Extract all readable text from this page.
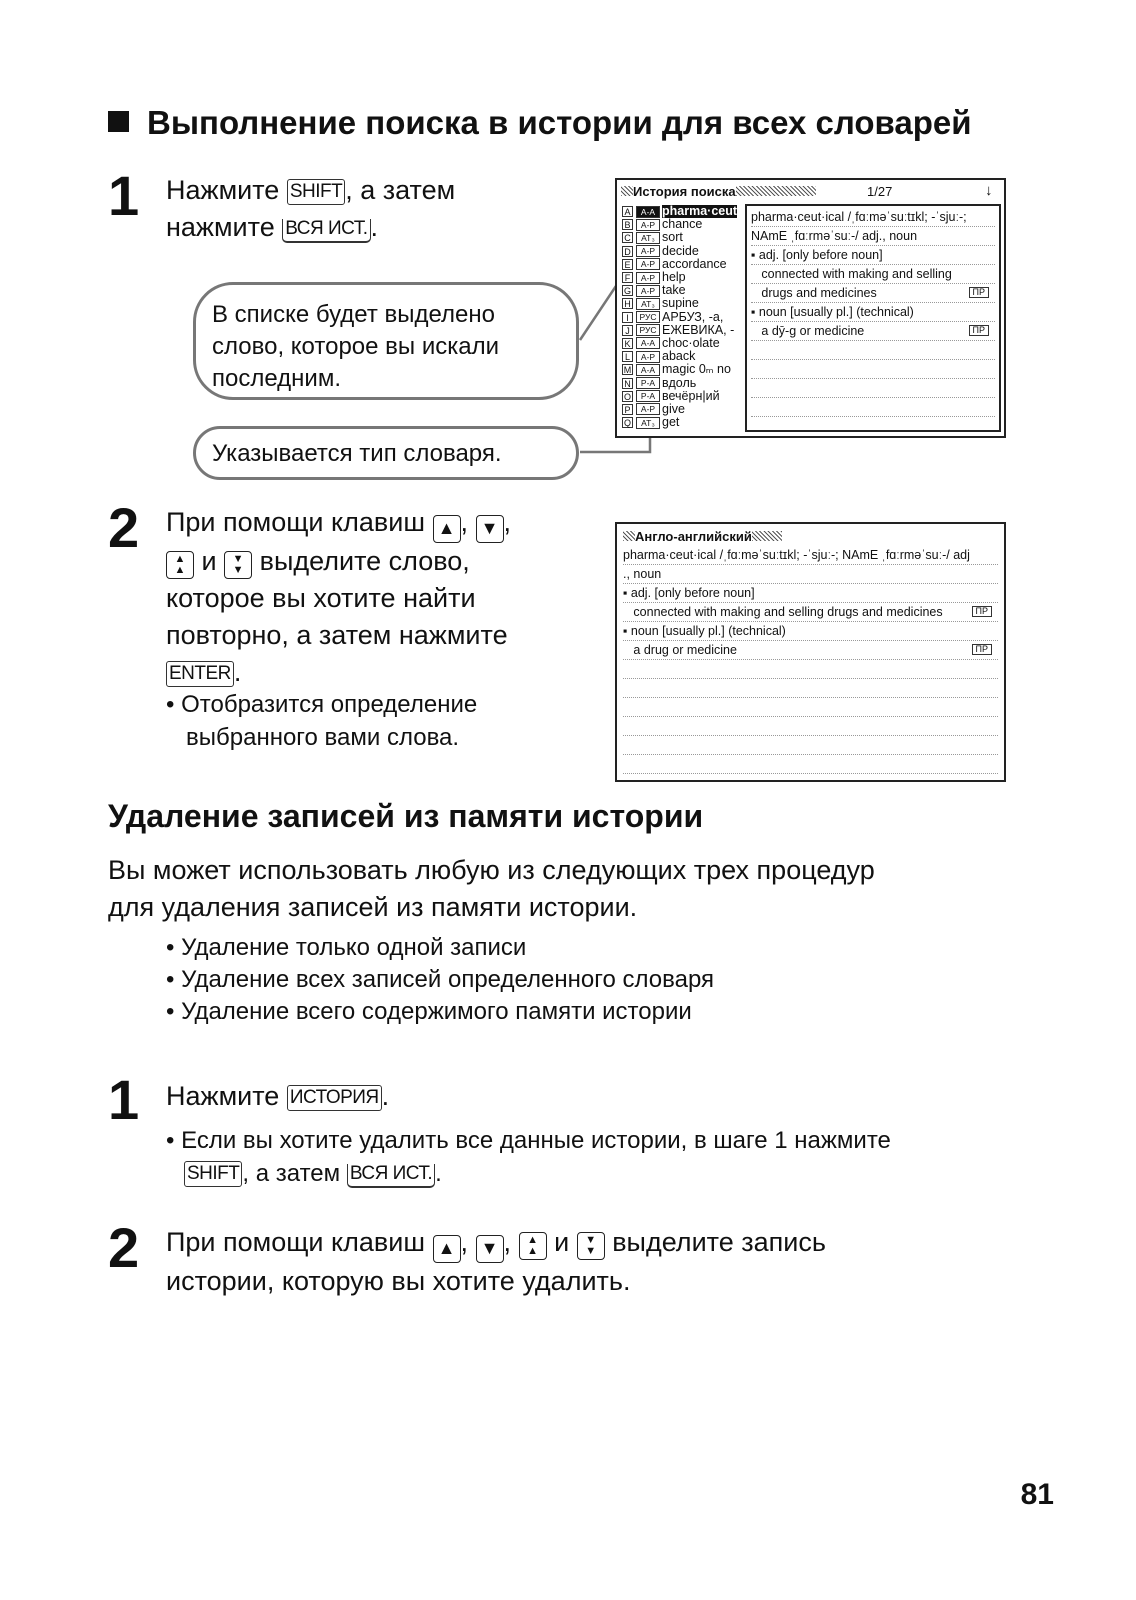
Выполнение поиска в истории для всех словарей
1 Нажмите SHIFT , а затем
нажмите ВСЯ ИСТ. .
В списке будет выделено слово, которое вы искали последним.
Указывается тип словаря.
История поиска	1/27	↓
A	A-A pharma·ceut
B	A-P chance
C	AT₃ sort
D	A-P decide
E	A-P accordance
F	A-P help
G	A-P take
H	AT₃ supine
I	РУС АРБУЗ, -а,
J	РУС ЕЖЕВИКА, -
K	A-A choc·olate
L	A-P aback
M	A-A magic 0ₘ no
N	P-A вдоль
O	P-A вечёрн|ий
P	A-P give
Q	AT₃ get
pharma·ceut·ical /ˌfɑːməˈsuːtɪkl; -ˈsjuː-;
NAmE ˌfɑːrməˈsuː-/ adj., noun
▪ adj. [only before noun]
connected with making and selling
drugs and medicines	ПР
▪ noun [usually pl.] (technical)
a dȳ-g or medicine	ПР
2 При помощи клавиш ▲ , ▼ ,
▲
▲ и ▼
▼ выделите слово,
которое вы хотите найти
повторно, а затем нажмите
ENTER .
• Отобразится определение выбранного вами слова.
Англо-английский
pharma·ceut·ical /ˌfɑːməˈsuːtɪkl; -ˈsjuː-; NAmE ˌfɑːrməˈsuː-/ adj
., noun
▪ adj. [only before noun]
connected with making and selling drugs and medicines	ПР
▪ noun [usually pl.] (technical)
a drug or medicine	ПР
Удаление записей из памяти истории
Вы может использовать любую из следующих трех процедур
для удаления записей из памяти истории.
• Удаление только одной записи
• Удаление всех записей определенного словаря
• Удаление всего содержимого памяти истории
1 Нажмите ИСТОРИЯ .
• Если вы хотите удалить все данные истории, в шаге 1 нажмите
SHIFT , а затем ВСЯ ИСТ. .
2 При помощи клавиш ▲ , ▼ , ▲
▲ и ▼
▼ выделите запись
истории, которую вы хотите удалить.
81
